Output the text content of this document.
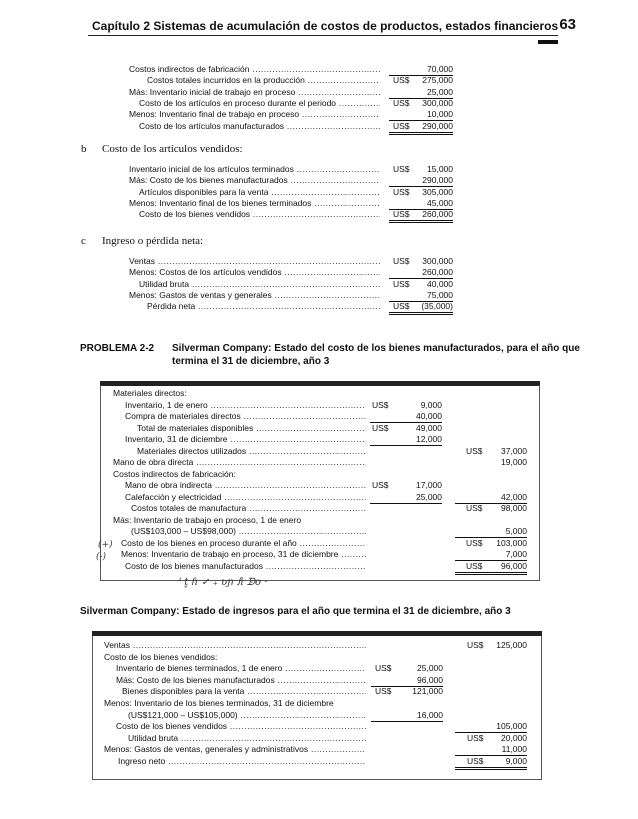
Capítulo 2 Sistemas de acumulación de costos de productos, estados financieros 63
Costos indirectos de fabricación .....	70,000
Costos totales incurridos en la producción .....	US$	275,000
Más: Inventario inicial de trabajo en proceso .....	25,000
Costo de los artículos en proceso durante el periodo .....	US$	300,000
Menos: Inventario final de trabajo en proceso .....	10,000
Costo de los artículos manufacturados .....	US$	290,000
b Costo de los artículos vendidos:
Inventario inicial de los artículos terminados .....	US$	15,000
Más: Costo de los bienes manufacturados .....	290,000
Artículos disponibles para la venta .....	US$	305,000
Menos: Inventario final de los bienes terminados .....	45,000
Costo de los bienes vendidos .....	US$	260,000
c Ingreso o pérdida neta:
Ventas .....	US$	300,000
Menos: Costos de los artículos vendidos .....	260,000
Utilidad bruta .....	US$	40,000
Menos: Gastos de ventas y generales .....	75,000
Pérdida neta .....	US$	(35,000)
PROBLEMA 2-2 Silverman Company: Estado del costo de los bienes manufacturados, para el año que
termina el 31 de diciembre, año 3
Materiales directos:
Inventario, 1 de enero .....	US$	9,000
Compra de materiales directos .....	40,000
Total de materiales disponibles .....	US$	49,000
Inventario, 31 de diciembre .....	12,000
Materiales directos utilizados .....	US$	37,000
Mano de obra directa .....	19,000
Costos indirectos de fabricación:
Mano de obra indirecta .....	US$	17,000
Calefacción y electricidad .....	25,000	42,000
Costos totales de manufactura .....	US$	98,000
Más: Inventario de trabajo en proceso, 1 de enero
(US$103,000 – US$98,000) .....	5,000
Costo de los bienes en proceso durante el año .....	US$	103,000
Menos: Inventario de trabajo en proceso, 31 de diciembre .....	7,000
Costo de los bienes manufacturados .....	US$	96,000
ʾ t̬ ɦ ✓ ₊ ʋɲ ꭍi ᗫo ·
(+)
(-)
Silverman Company: Estado de ingresos para el año que termina el 31 de diciembre, año 3
Ventas .....	US$	125,000
Costo de los bienes vendidos:
Inventario de bienes terminados, 1 de enero .....	US$	25,000
Más: Costo de los bienes manufacturados .....	96,000
Bienes disponibles para la venta .....	US$	121,000
Menos: Inventario de los bienes terminados, 31 de diciembre
(US$121,000 – US$105,000) .....	16,000
Costo de los bienes vendidos .....	105,000
Utilidad bruta .....	US$	20,000
Menos: Gastos de ventas, generales y administrativos .....	11,000
Ingreso neto .....	US$	9,000
